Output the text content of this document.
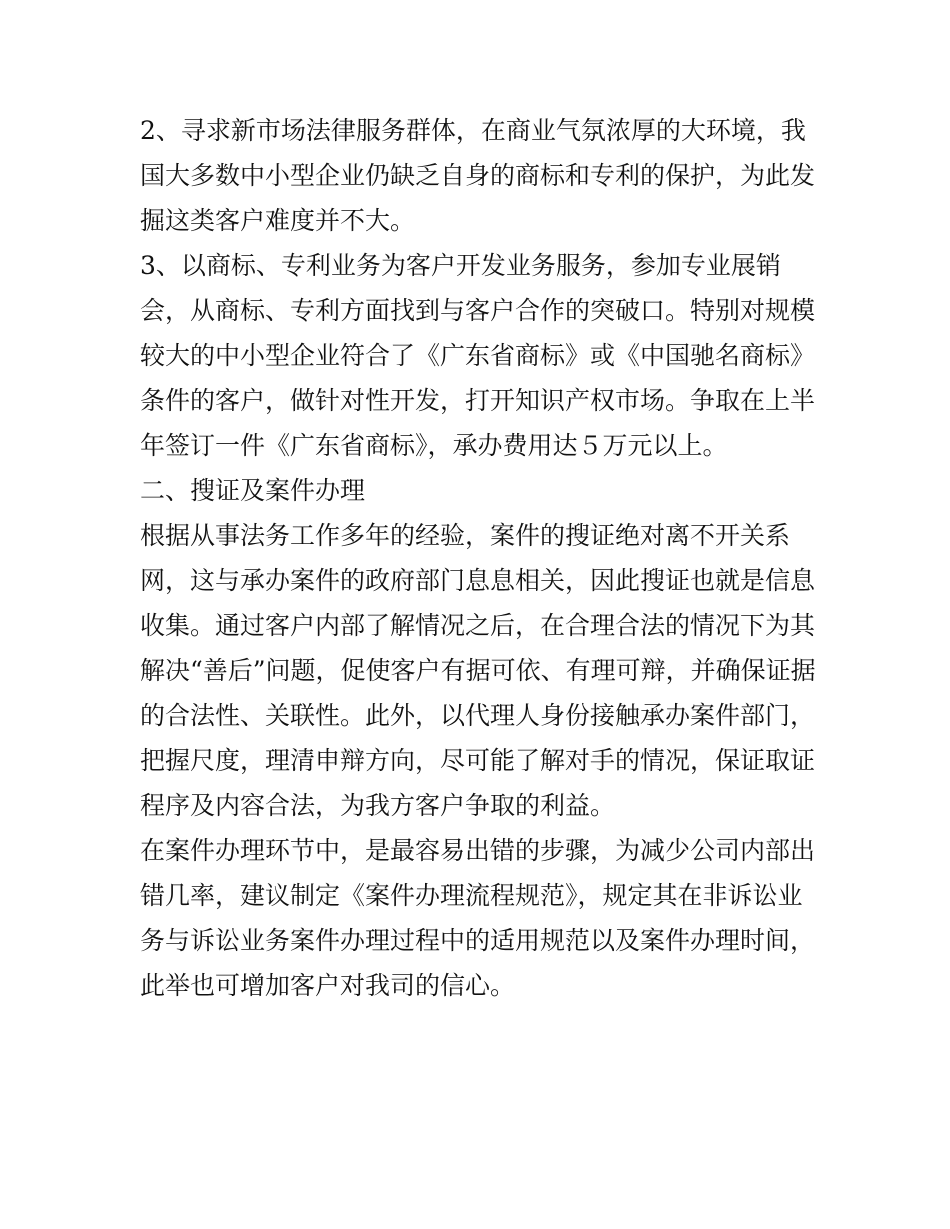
2、寻求新市场法律服务群体，在商业气氛浓厚的大环境，我国大多数中小型企业仍缺乏自身的商标和专利的保护，为此发掘这类客户难度并不大。

3、以商标、专利业务为客户开发业务服务，参加专业展销会，从商标、专利方面找到与客户合作的突破口。特别对规模较大的中小型企业符合了《广东省商标》或《中国驰名商标》条件的客户，做针对性开发，打开知识产权市场。争取在上半年签订一件《广东省商标》，承办费用达５万元以上。

二、搜证及案件办理

根据从事法务工作多年的经验，案件的搜证绝对离不开关系网，这与承办案件的政府部门息息相关，因此搜证也就是信息收集。通过客户内部了解情况之后，在合理合法的情况下为其解决“善后”问题，促使客户有据可依、有理可辩，并确保证据的合法性、关联性。此外，以代理人身份接触承办案件部门，把握尺度，理清申辩方向，尽可能了解对手的情况，保证取证程序及内容合法，为我方客户争取的利益。

在案件办理环节中，是最容易出错的步骤，为减少公司内部出错几率，建议制定《案件办理流程规范》，规定其在非诉讼业务与诉讼业务案件办理过程中的适用规范以及案件办理时间，此举也可增加客户对我司的信心。
